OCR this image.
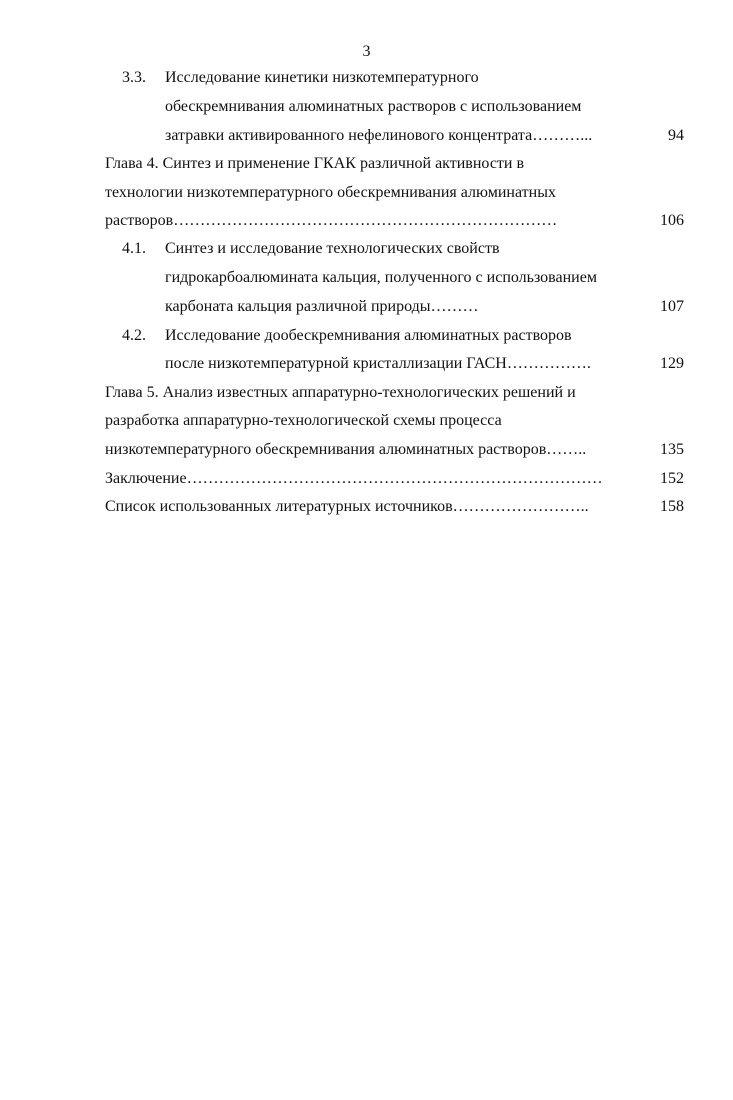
3
3.3. Исследование кинетики низкотемпературного
обескремнивания алюминатных растворов с использованием
затравки активированного нефелинового концентрата………...	94
Глава 4. Синтез и применение ГКАК различной активности в
технологии низкотемпературного обескремнивания алюминатных
растворов………………………………………………………………	106
4.1. Синтез и исследование технологических свойств
гидрокарбоалюмината кальция, полученного с использованием
карбоната кальция различной природы………	107
4.2. Исследование дообескремнивания алюминатных растворов
после низкотемпературной кристаллизации ГАСН…………….	129
Глава 5. Анализ известных аппаратурно-технологических решений и
разработка аппаратурно-технологической схемы процесса
низкотемпературного обескремнивания алюминатных растворов……..	135
Заключение……………………………………………………………………	152
Список использованных литературных источников……………………..	158
